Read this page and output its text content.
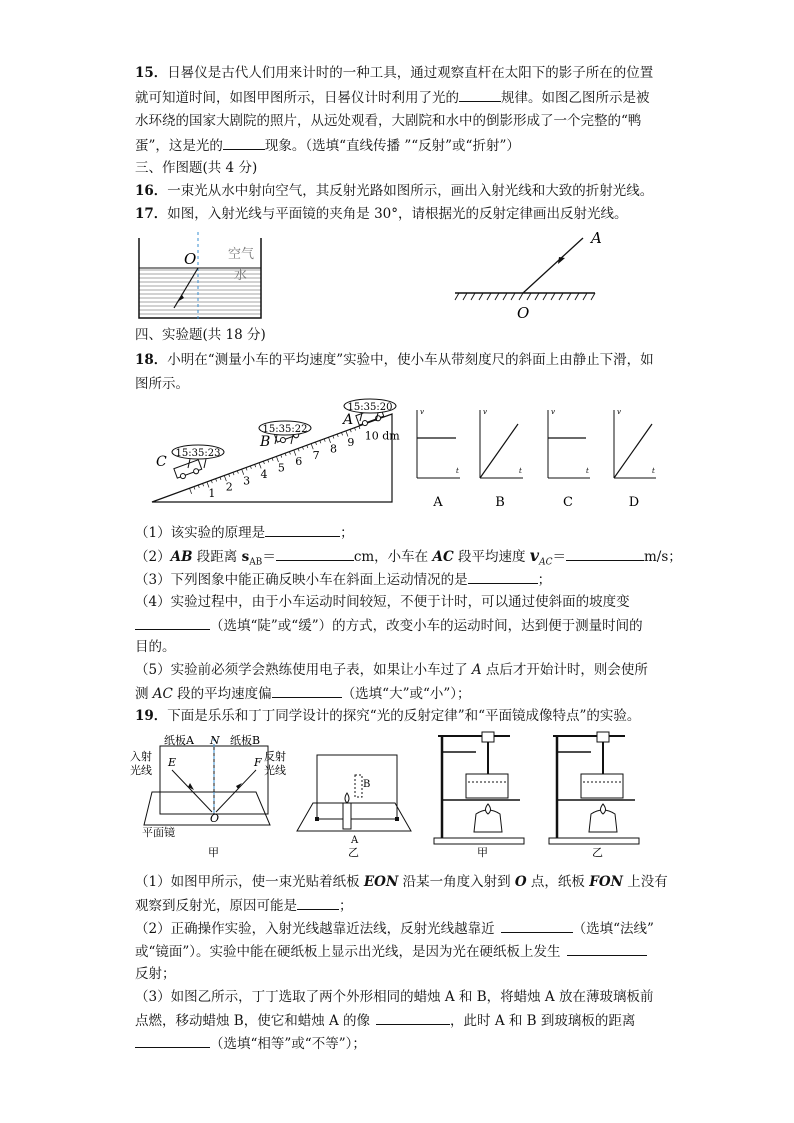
15．日晷仪是古代人们用来计时的一种工具，通过观察直杆在太阳下的影子所在的位置
就可知道时间，如图甲图所示，日晷仪计时利用了光的	规律。如图乙图所示是被
水环绕的国家大剧院的照片，从远处观看，大剧院和水中的倒影形成了一个完整的“鸭
蛋”，这是光的	现象。（选填“直线传播 ”“反射”或“折射”）
三、作图题(共 4 分)
16．一束光从水中射向空气，其反射光路如图所示，画出入射光线和大致的折射光线。
17．如图，入射光线与平面镜的夹角是 30°，请根据光的反射定律画出反射光线。
O 空气
水
A
O
四、实验题(共 18 分)
18．小明在“测量小车的平均速度”实验中，使小车从带刻度尺的斜面上由静止下滑，如
图所示。
1 2 3 4 5 6 7 8 9 10 dm
15:35:23
15:35:22
15:35:20
C
B
A	v
t
A
v
t
B
v
t
C
v
t
D
（1）该实验的原理是	；
（2）AB 段距离 $s_{AB}=$	cm，小车在 AC 段平均速度 $v_{AC}=$	m/s；
（3）下列图象中能正确反映小车在斜面上运动情况的是	；
（4）实验过程中，由于小车运动时间较短，不便于计时，可以通过使斜面的坡度变
（选填“陡”或“缓”）的方式，改变小车的运动时间，达到便于测量时间的
目的。
（5）实验前必须学会熟练使用电子表，如果让小车过了 A 点后才开始计时，则会使所
测 AC 段的平均速度偏	（选填“大”或“小”）；
19．下面是乐乐和丁丁同学设计的探究“光的反射定律”和“平面镜成像特点”的实验。
纸板A N 纸板B
入射
光线
反射
光线
E	F
O
平面镜
甲
B
A
乙	甲	乙
（1）如图甲所示，使一束光贴着纸板 EON 沿某一角度入射到 O 点，纸板 FON 上没有
观察到反射光，原因可能是	；
（2）正确操作实验，入射光线越靠近法线，反射光线越靠近	（选填“法线”
或“镜面”）。实验中能在硬纸板上显示出光线，是因为光在硬纸板上发生
反射；
（3）如图乙所示，丁丁选取了两个外形相同的蜡烛 A 和 B，将蜡烛 A 放在薄玻璃板前
点燃，移动蜡烛 B，使它和蜡烛 A 的像	，此时 A 和 B 到玻璃板的距离
（选填“相等”或“不等”）；
